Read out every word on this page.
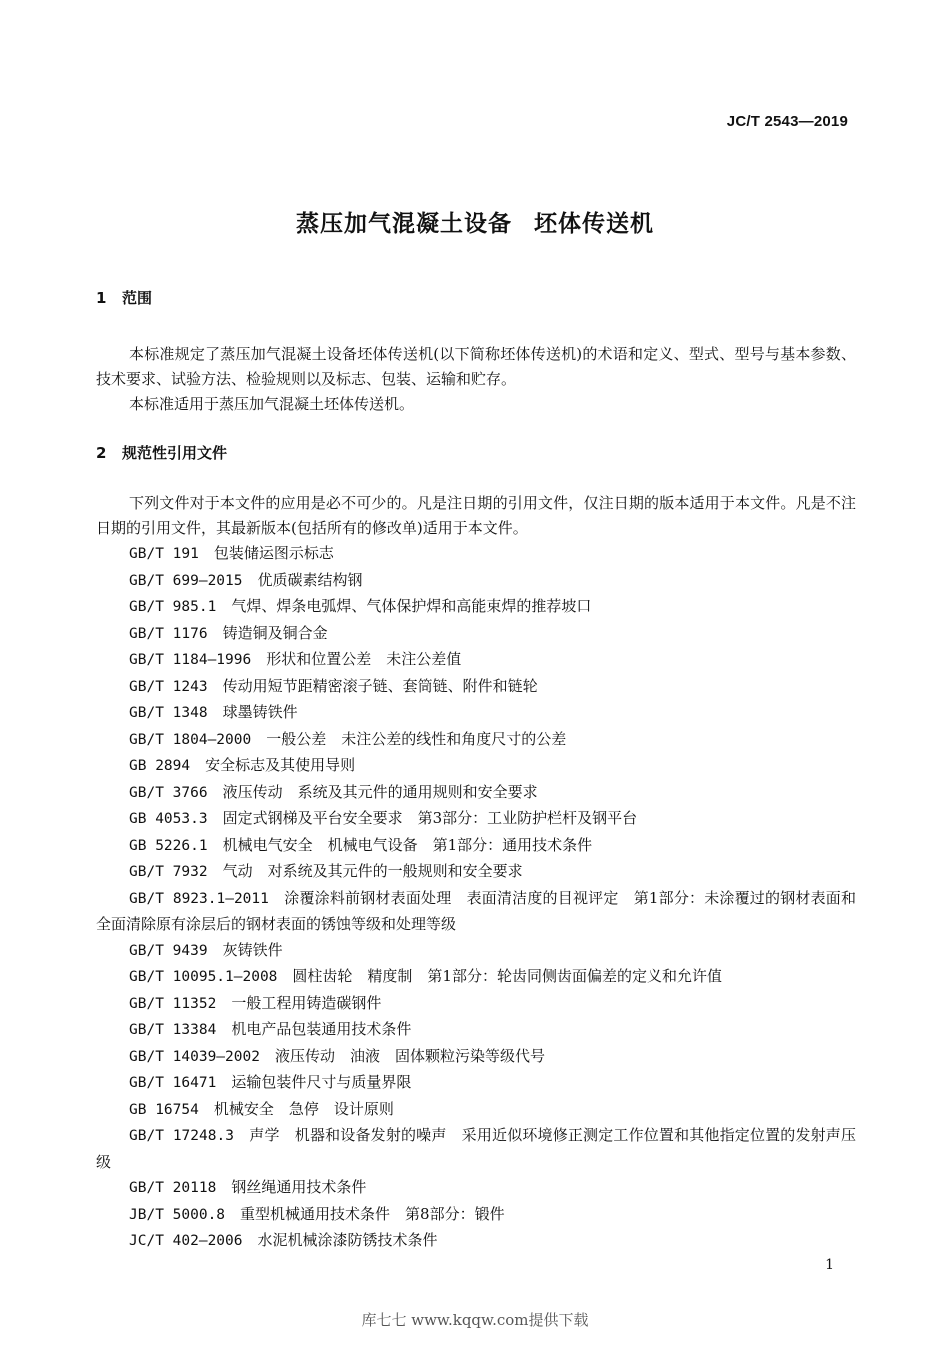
JC/T 2543—2019
蒸压加气混凝土设备 坯体传送机
1 范围
本标准规定了蒸压加气混凝土设备坯体传送机(以下简称坯体传送机)的术语和定义、型式、型号与基本参数、技术要求、试验方法、检验规则以及标志、包装、运输和贮存。
本标准适用于蒸压加气混凝土坯体传送机。
2 规范性引用文件
下列文件对于本文件的应用是必不可少的。凡是注日期的引用文件，仅注日期的版本适用于本文件。凡是不注日期的引用文件，其最新版本(包括所有的修改单)适用于本文件。
GB/T 191　 包装储运图示标志
GB/T 699—2015　 优质碳素结构钢
GB/T 985.1　 气焊、焊条电弧焊、气体保护焊和高能束焊的推荐坡口
GB/T 1176　 铸造铜及铜合金
GB/T 1184—1996　 形状和位置公差　未注公差值
GB/T 1243　 传动用短节距精密滚子链、套筒链、附件和链轮
GB/T 1348　 球墨铸铁件
GB/T 1804—2000　 一般公差　未注公差的线性和角度尺寸的公差
GB 2894　 安全标志及其使用导则
GB/T 3766　 液压传动　系统及其元件的通用规则和安全要求
GB 4053.3　 固定式钢梯及平台安全要求　第3部分：工业防护栏杆及钢平台
GB 5226.1　 机械电气安全　机械电气设备　第1部分：通用技术条件
GB/T 7932　 气动　对系统及其元件的一般规则和安全要求
GB/T 8923.1—2011　 涂覆涂料前钢材表面处理　表面清洁度的目视评定　第1部分：未涂覆过的钢材表面和全面清除原有涂层后的钢材表面的锈蚀等级和处理等级
GB/T 9439　 灰铸铁件
GB/T 10095.1—2008　 圆柱齿轮　精度制　第1部分：轮齿同侧齿面偏差的定义和允许值
GB/T 11352　 一般工程用铸造碳钢件
GB/T 13384　 机电产品包装通用技术条件
GB/T 14039—2002　 液压传动　油液　固体颗粒污染等级代号
GB/T 16471　 运输包装件尺寸与质量界限
GB 16754　 机械安全　急停　设计原则
GB/T 17248.3　 声学　机器和设备发射的噪声　采用近似环境修正测定工作位置和其他指定位置的发射声压级
GB/T 20118　 钢丝绳通用技术条件
JB/T 5000.8　 重型机械通用技术条件　第8部分：锻件
JC/T 402—2006　 水泥机械涂漆防锈技术条件
1
库七七 www.kqqw.com提供下载
